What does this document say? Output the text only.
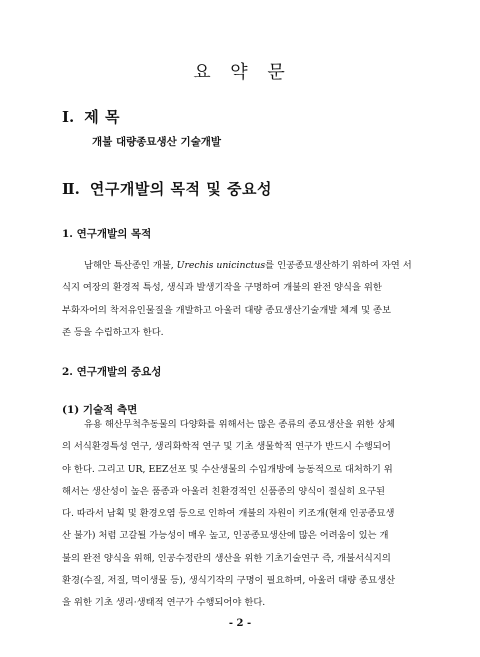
요 약 문
Ⅰ. 제 목
개불 대량종묘생산 기술개발
Ⅱ. 연구개발의 목적 및 중요성
1. 연구개발의 목적
남해안 특산종인 개불, Urechis unicinctus를 인공종묘생산하기 위하여 자연 서
식지 여장의 환경적 특성, 생식과 발생기작을 구명하여 개불의 완전 양식을 위한
부화자어의 착저유인물질을 개발하고 아울러 대량 종묘생산기술개발 체계 및 종보
존 등을 수립하고자 한다.
2. 연구개발의 중요성
(1) 기술적 측면
유용 해산무척추동물의 다양화를 위해서는 많은 종류의 종묘생산을 위한 상체
의 서식환경특성 연구, 생리화학적 연구 및 기초 생물학적 연구가 반드시 수행되어
야 한다. 그리고 UR, EEZ선포 및 수산생물의 수입개방에 능동적으로 대처하기 위
해서는 생산성이 높은 품종과 아울러 친환경적인 신품종의 양식이 절실히 요구된
다. 따라서 남획 및 환경오염 등으로 인하여 개불의 자원이 키조개(현재 인공종묘생
산 불가) 처럼 고갈될 가능성이 매우 높고, 인공종묘생산에 많은 어려움이 있는 개
불의 완전 양식을 위해, 인공수정란의 생산을 위한 기초기술연구 즉, 개불서식지의
환경(수질, 저질, 먹이생물 등), 생식기작의 구명이 필요하며, 아울러 대량 종묘생산
을 위한 기초 생리·생태적 연구가 수행되어야 한다.
- 2 -
